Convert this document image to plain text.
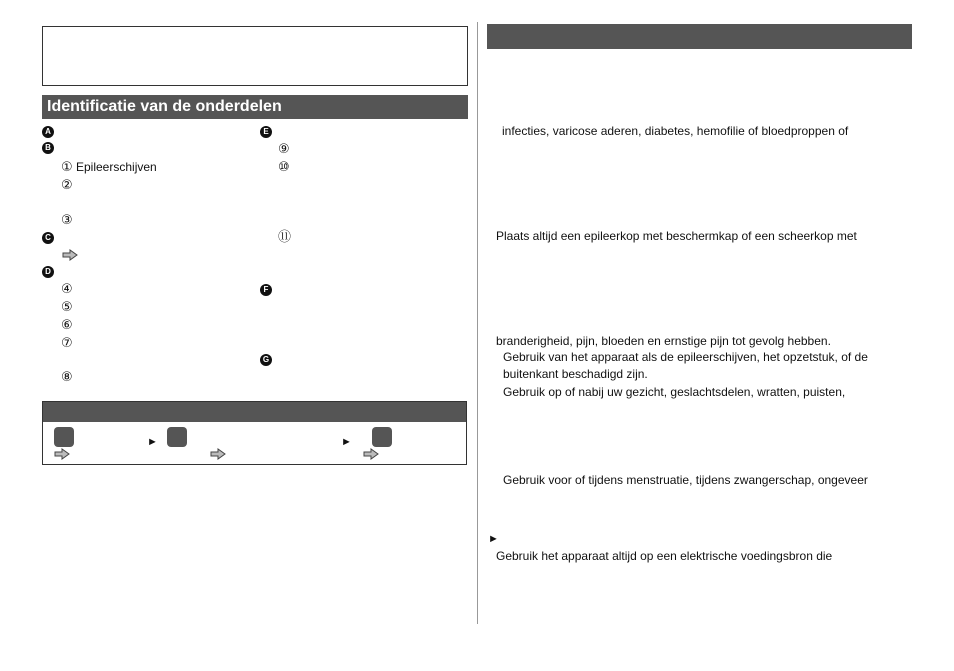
Identificatie van de onderdelen
A
B
① Epileerschijven
②
③
C
D
④
⑤
⑥
⑦
⑧
E
⑨
⑩
⑪
F
G
►	►
infecties, varicose aderen, diabetes, hemofilie of bloedproppen of
Plaats altijd een epileerkop met beschermkap of een scheerkop met
branderigheid, pijn, bloeden en ernstige pijn tot gevolg hebben.
Gebruik van het apparaat als de epileerschijven, het opzetstuk, of de
buitenkant beschadigd zijn.
Gebruik op of nabij uw gezicht, geslachtsdelen, wratten, puisten,
Gebruik voor of tijdens menstruatie, tijdens zwangerschap, ongeveer
►
Gebruik het apparaat altijd op een elektrische voedingsbron die
